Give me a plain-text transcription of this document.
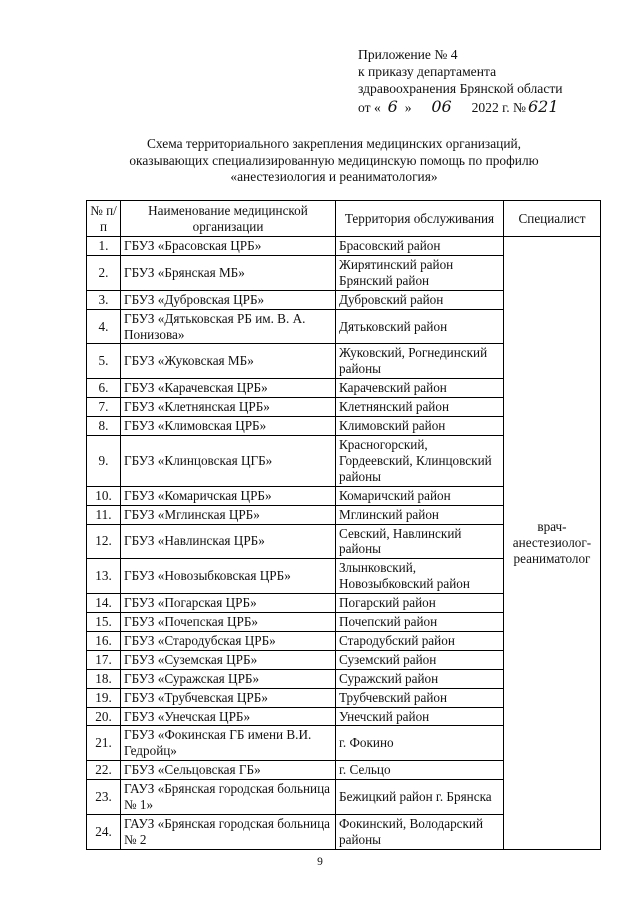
Приложение № 4
к приказу департамента
здравоохранения Брянской области
от « 6 » 06 2022 г. № 621
Схема территориального закрепления медицинских организаций,
оказывающих специализированную медицинскую помощь по профилю
«анестезиология и реаниматология»
№ п/п	Наименование медицинской организации	Территория обслуживания	Специалист
1.	ГБУЗ «Брасовская ЦРБ»	Брасовский район	врач-анестезиолог-реаниматолог
2.	ГБУЗ «Брянская МБ»	Жирятинский район Брянский район	
3.	ГБУЗ «Дубровская ЦРБ»	Дубровский район	
4.	ГБУЗ «Дятьковская РБ им. В. А. Понизова»	Дятьковский район	
5.	ГБУЗ «Жуковская МБ»	Жуковский, Рогнединский районы	
6.	ГБУЗ «Карачевская ЦРБ»	Карачевский район	
7.	ГБУЗ «Клетнянская ЦРБ»	Клетнянский район	
8.	ГБУЗ «Климовская ЦРБ»	Климовский район	
9.	ГБУЗ «Клинцовская ЦГБ»	Красногорский, Гордеевский, Клинцовский районы	
10.	ГБУЗ «Комаричская ЦРБ»	Комаричский район	
11.	ГБУЗ «Мглинская ЦРБ»	Мглинский район	
12.	ГБУЗ «Навлинская ЦРБ»	Севский, Навлинский районы	
13.	ГБУЗ «Новозыбковская ЦРБ»	Злынковский, Новозыбковский район	
14.	ГБУЗ «Погарская ЦРБ»	Погарский район	
15.	ГБУЗ «Почепская ЦРБ»	Почепский район	
16.	ГБУЗ «Стародубская ЦРБ»	Стародубский район	
17.	ГБУЗ «Суземская ЦРБ»	Суземский район	
18.	ГБУЗ «Суражская ЦРБ»	Суражский район	
19.	ГБУЗ «Трубчевская ЦРБ»	Трубчевский район	
20.	ГБУЗ «Унечская ЦРБ»	Унечский район	
21.	ГБУЗ «Фокинская ГБ имени В.И. Гедройц»	г. Фокино	
22.	ГБУЗ «Сельцовская ГБ»	г. Сельцо	
23.	ГАУЗ «Брянская городская больница № 1»	Бежицкий район г. Брянска	
24.	ГАУЗ «Брянская городская больница № 2	Фокинский, Володарский районы	
9
